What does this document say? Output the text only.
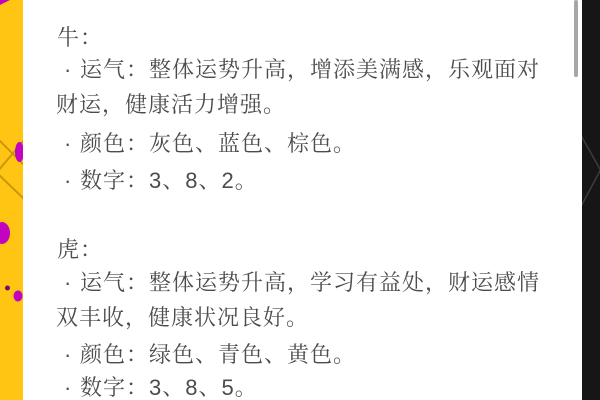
牛：
· 运气：整体运势升高，增添美满感，乐观面对
财运，健康活力增强。
· 颜色：灰色、蓝色、棕色。
· 数字：3、8、2。
虎：
· 运气：整体运势升高，学习有益处，财运感情
双丰收，健康状况良好。
· 颜色：绿色、青色、黄色。
· 数字：3、8、5。
